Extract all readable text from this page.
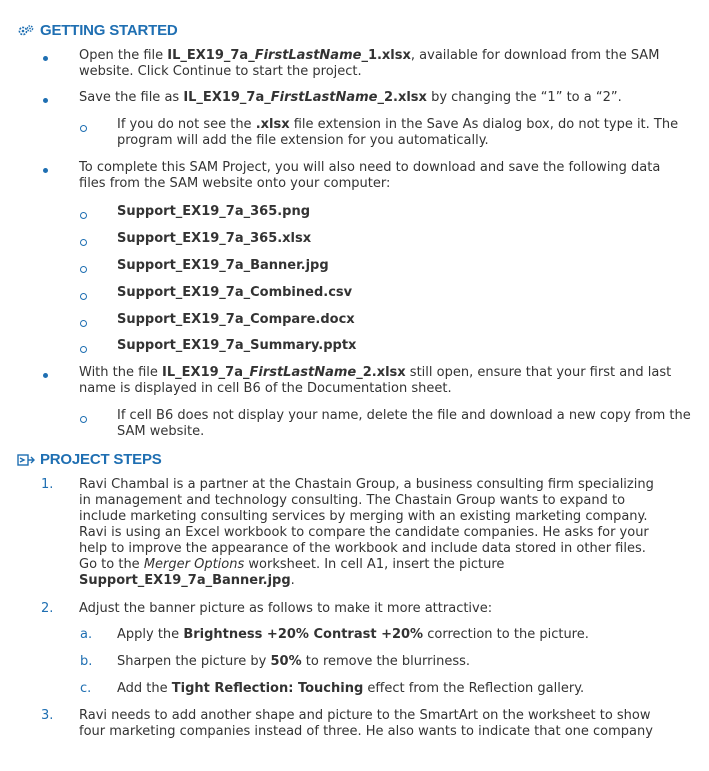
GETTING STARTED
Open the file IL_EX19_7a_FirstLastName_1.xlsx, available for download from the SAM website. Click Continue to start the project.
Save the file as IL_EX19_7a_FirstLastName_2.xlsx by changing the “1” to a “2”.
If you do not see the .xlsx file extension in the Save As dialog box, do not type it. The program will add the file extension for you automatically.
To complete this SAM Project, you will also need to download and save the following data files from the SAM website onto your computer:
Support_EX19_7a_365.png
Support_EX19_7a_365.xlsx
Support_EX19_7a_Banner.jpg
Support_EX19_7a_Combined.csv
Support_EX19_7a_Compare.docx
Support_EX19_7a_Summary.pptx
With the file IL_EX19_7a_FirstLastName_2.xlsx still open, ensure that your first and last name is displayed in cell B6 of the Documentation sheet.
If cell B6 does not display your name, delete the file and download a new copy from the SAM website.
PROJECT STEPS
1. Ravi Chambal is a partner at the Chastain Group, a business consulting firm specializing
in management and technology consulting. The Chastain Group wants to expand to
include marketing consulting services by merging with an existing marketing company.
Ravi is using an Excel workbook to compare the candidate companies. He asks for your
help to improve the appearance of the workbook and include data stored in other files.
Go to the Merger Options worksheet. In cell A1, insert the picture
Support_EX19_7a_Banner.jpg.
2. Adjust the banner picture as follows to make it more attractive:
a. Apply the Brightness +20% Contrast +20% correction to the picture.
b. Sharpen the picture by 50% to remove the blurriness.
c. Add the Tight Reflection: Touching effect from the Reflection gallery.
3. Ravi needs to add another shape and picture to the SmartArt on the worksheet to show
four marketing companies instead of three. He also wants to indicate that one company
